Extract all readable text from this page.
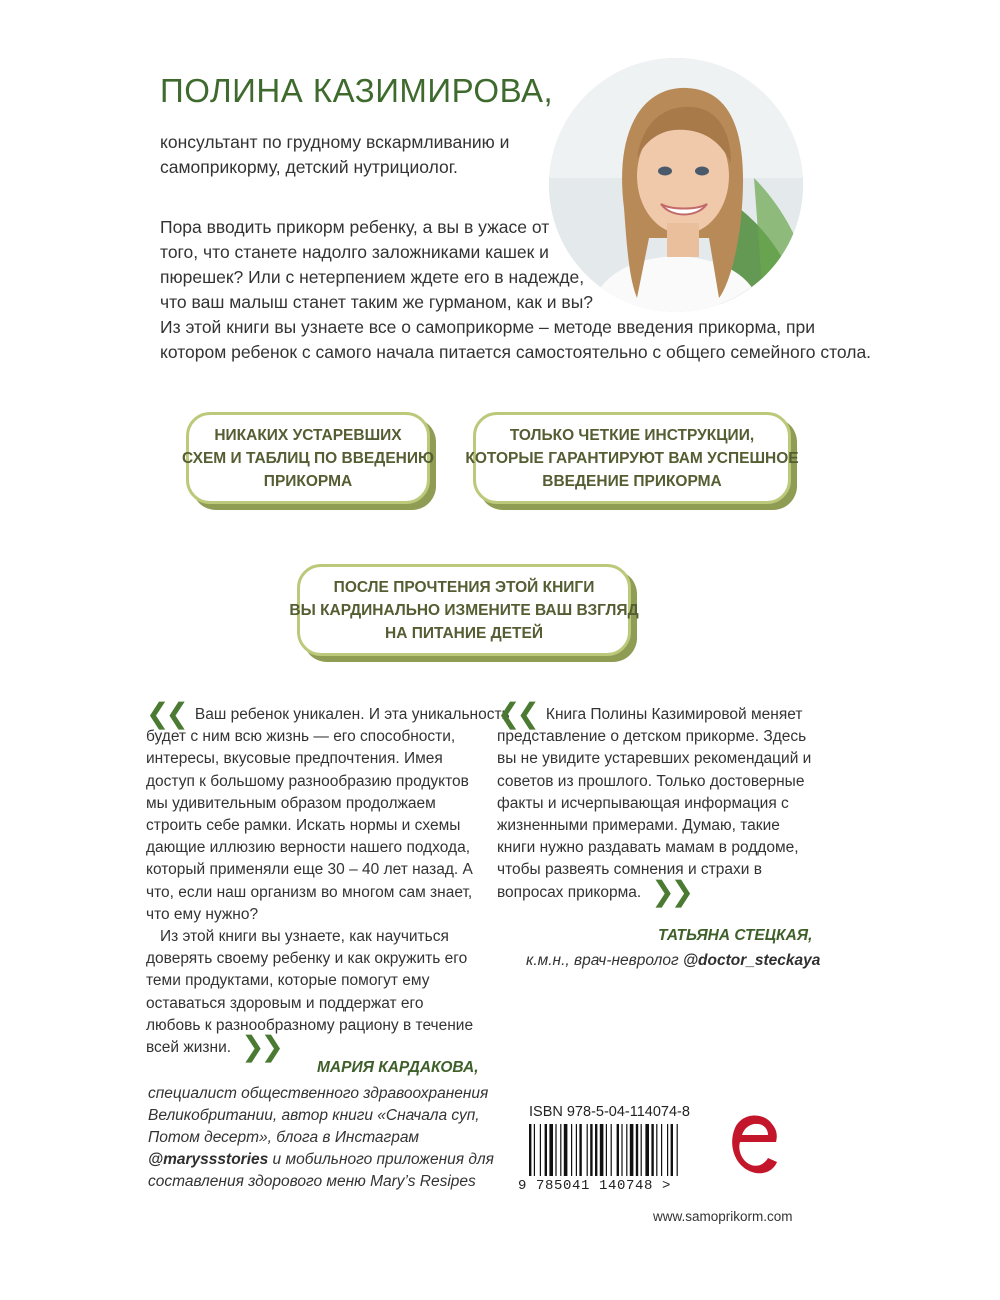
ПОЛИНА КАЗИМИРОВА,
консультант по грудному вскармливанию и
самоприкорму, детский нутрициолог.
Пора вводить прикорм ребенку, а вы в ужасе от
того, что станете надолго заложниками кашек и
пюрешек? Или с нетерпением ждете его в надежде,
что ваш малыш станет таким же гурманом, как и вы?
Из этой книги вы узнаете все о самоприкорме – методе введения прикорма, при
котором ребенок с самого начала питается самостоятельно с общего семейного стола.
НИКАКИХ УСТАРЕВШИХ
СХЕМ И ТАБЛИЦ ПО ВВЕДЕНИЮ
ПРИКОРМА
ТОЛЬКО ЧЕТКИЕ ИНСТРУКЦИИ,
КОТОРЫЕ ГАРАНТИРУЮТ ВАМ УСПЕШНОЕ
ВВЕДЕНИЕ ПРИКОРМА
ПОСЛЕ ПРОЧТЕНИЯ ЭТОЙ КНИГИ
ВЫ КАРДИНАЛЬНО ИЗМЕНИТЕ ВАШ ВЗГЛЯД
НА ПИТАНИЕ ДЕТЕЙ
❮❮ Ваш ребенок уникален. И эта уникальность
будет с ним всю жизнь — его способности,
интересы, вкусовые предпочтения. Имея
доступ к большому разнообразию продуктов
мы удивительным образом продолжаем
строить себе рамки. Искать нормы и схемы
дающие иллюзию верности нашего подхода,
который применяли еще 30 – 40 лет назад. А
что, если наш организм во многом сам знает,
что ему нужно?
Из этой книги вы узнаете, как научиться
доверять своему ребенку и как окружить его
теми продуктами, которые помогут ему
оставаться здоровым и поддержат его
любовь к разнообразному рациону в течение
всей жизни. ❯❯
МАРИЯ КАРДАКОВА,
специалист общественного здравоохранения
Великобритании, автор книги «Сначала суп,
Потом десерт», блога в Инстаграм
@maryssstories и мобильного приложения для
составления здорового меню Mary’s Resipes
❮❮ Книга Полины Казимировой меняет
представление о детском прикорме. Здесь
вы не увидите устаревших рекомендаций и
советов из прошлого. Только достоверные
факты и исчерпывающая информация с
жизненными примерами. Думаю, такие
книги нужно раздавать мамам в роддоме,
чтобы развеять сомнения и страхи в
вопросах прикорма. ❯❯
ТАТЬЯНА СТЕЦКАЯ,
к.м.н., врач-невролог @doctor_steckaya
ISBN 978-5-04-114074-8
9 785041 140748 >
www.samoprikorm.com
